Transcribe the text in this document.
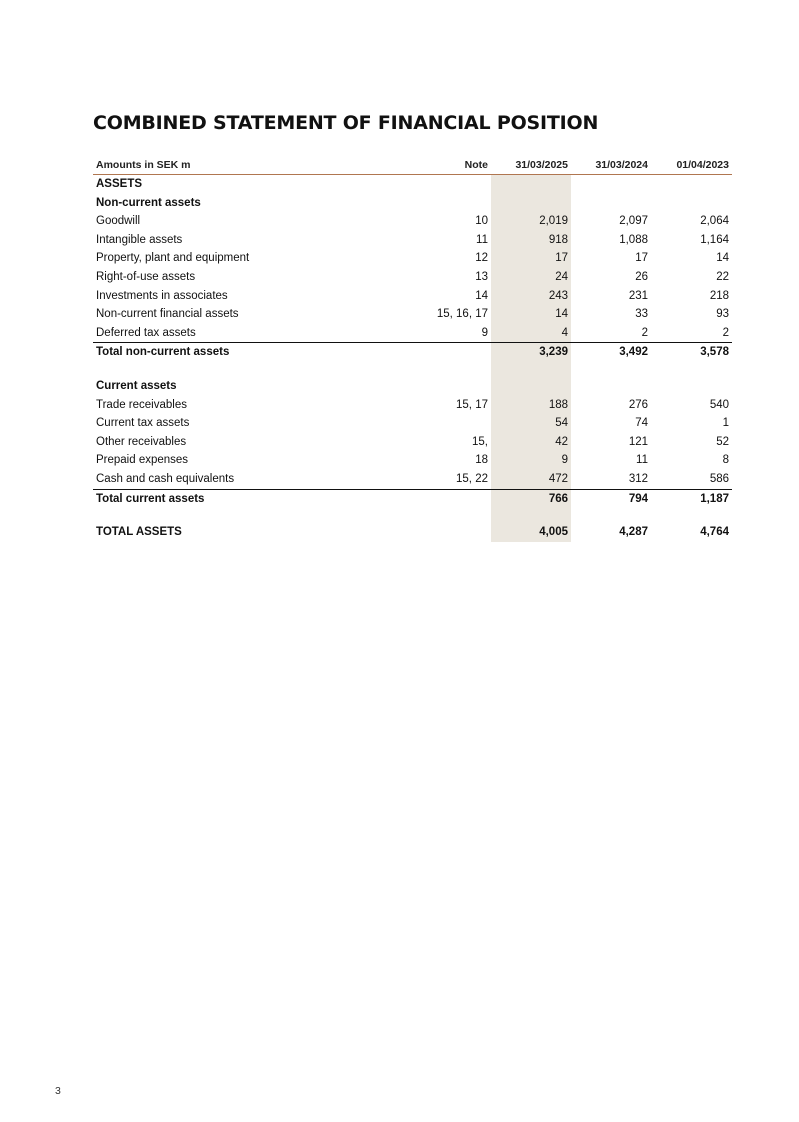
COMBINED STATEMENT OF FINANCIAL POSITION
Amounts in SEK m	Note	31/03/2025	31/03/2024	01/04/2023
ASSETS				
Non-current assets				
Goodwill	10	2,019	2,097	2,064
Intangible assets	11	918	1,088	1,164
Property, plant and equipment	12	17	17	14
Right-of-use assets	13	24	26	22
Investments in associates	14	243	231	218
Non-current financial assets	15, 16, 17	14	33	93
Deferred tax assets	9	4	2	2
Total non-current assets		3,239	3,492	3,578

Current assets				
Trade receivables	15, 17	188	276	540
Current tax assets		54	74	1
Other receivables	15,	42	121	52
Prepaid expenses	18	9	11	8
Cash and cash equivalents	15, 22	472	312	586
Total current assets		766	794	1,187

TOTAL ASSETS		4,005	4,287	4,764
3
